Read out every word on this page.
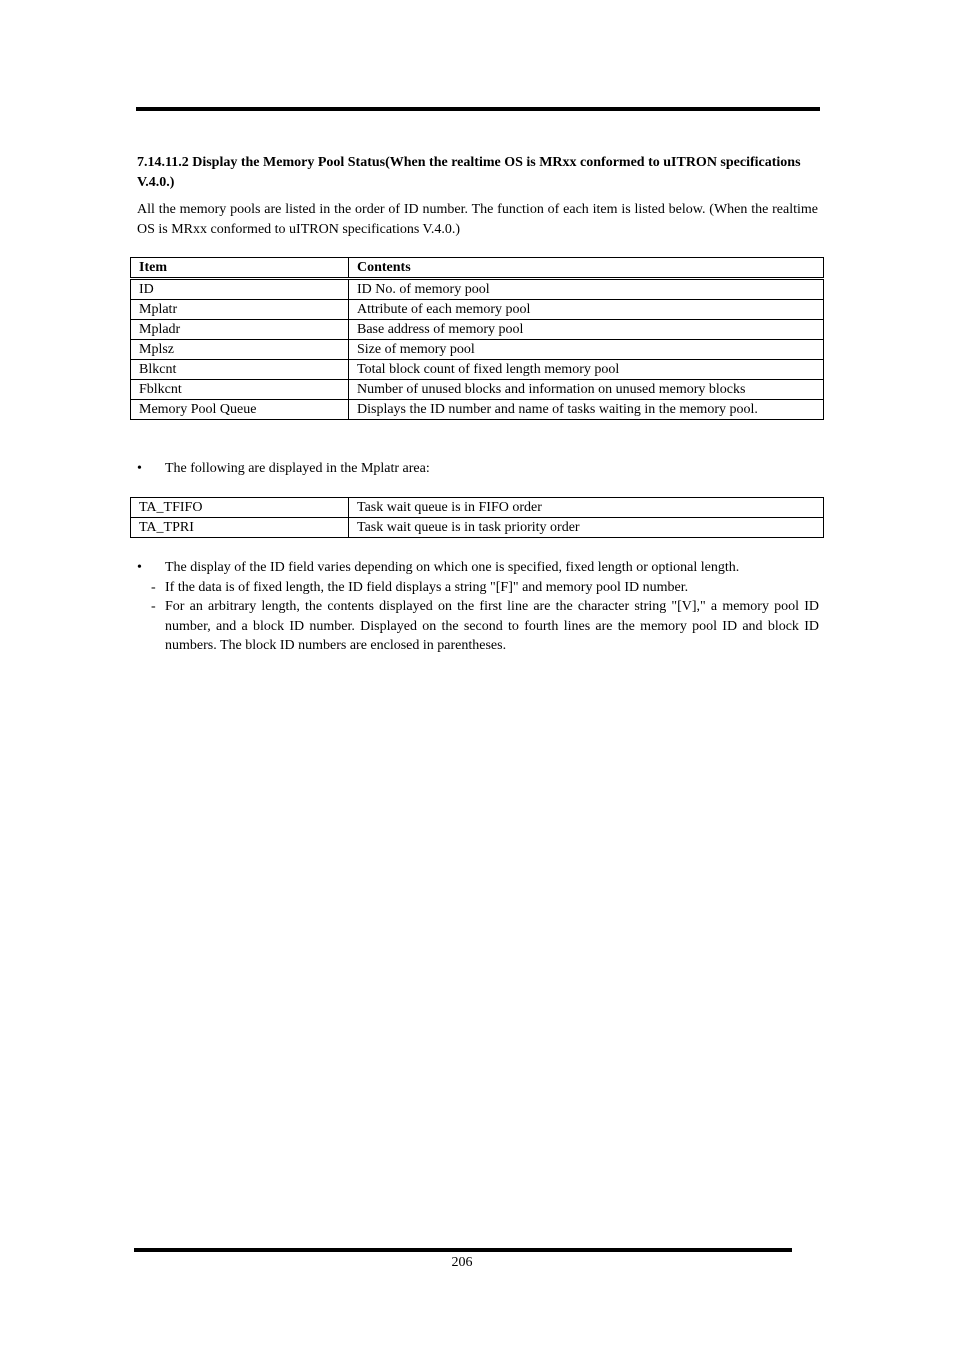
7.14.11.2 Display the Memory Pool Status(When the realtime OS is MRxx conformed to uITRON specifications V.4.0.)
All the memory pools are listed in the order of ID number. The function of each item is listed below. (When the realtime OS is MRxx conformed to uITRON specifications V.4.0.)
Item	Contents
ID	ID No. of memory pool
Mplatr	Attribute of each memory pool
Mpladr	Base address of memory pool
Mplsz	Size of memory pool
Blkcnt	Total block count of fixed length memory pool
Fblkcnt	Number of unused blocks and information on unused memory blocks
Memory Pool Queue	Displays the ID number and name of tasks waiting in the memory pool.
•	The following are displayed in the Mplatr area:
TA_TFIFO	Task wait queue is in FIFO order
TA_TPRI	Task wait queue is in task priority order
•	The display of the ID field varies depending on which one is specified, fixed length or optional length.
- If the data is of fixed length, the ID field displays a string "[F]" and memory pool ID number.
- For an arbitrary length, the contents displayed on the first line are the character string "[V]," a memory pool ID number, and a block ID number. Displayed on the second to fourth lines are the memory pool ID and block ID numbers. The block ID numbers are enclosed in parentheses.
206
